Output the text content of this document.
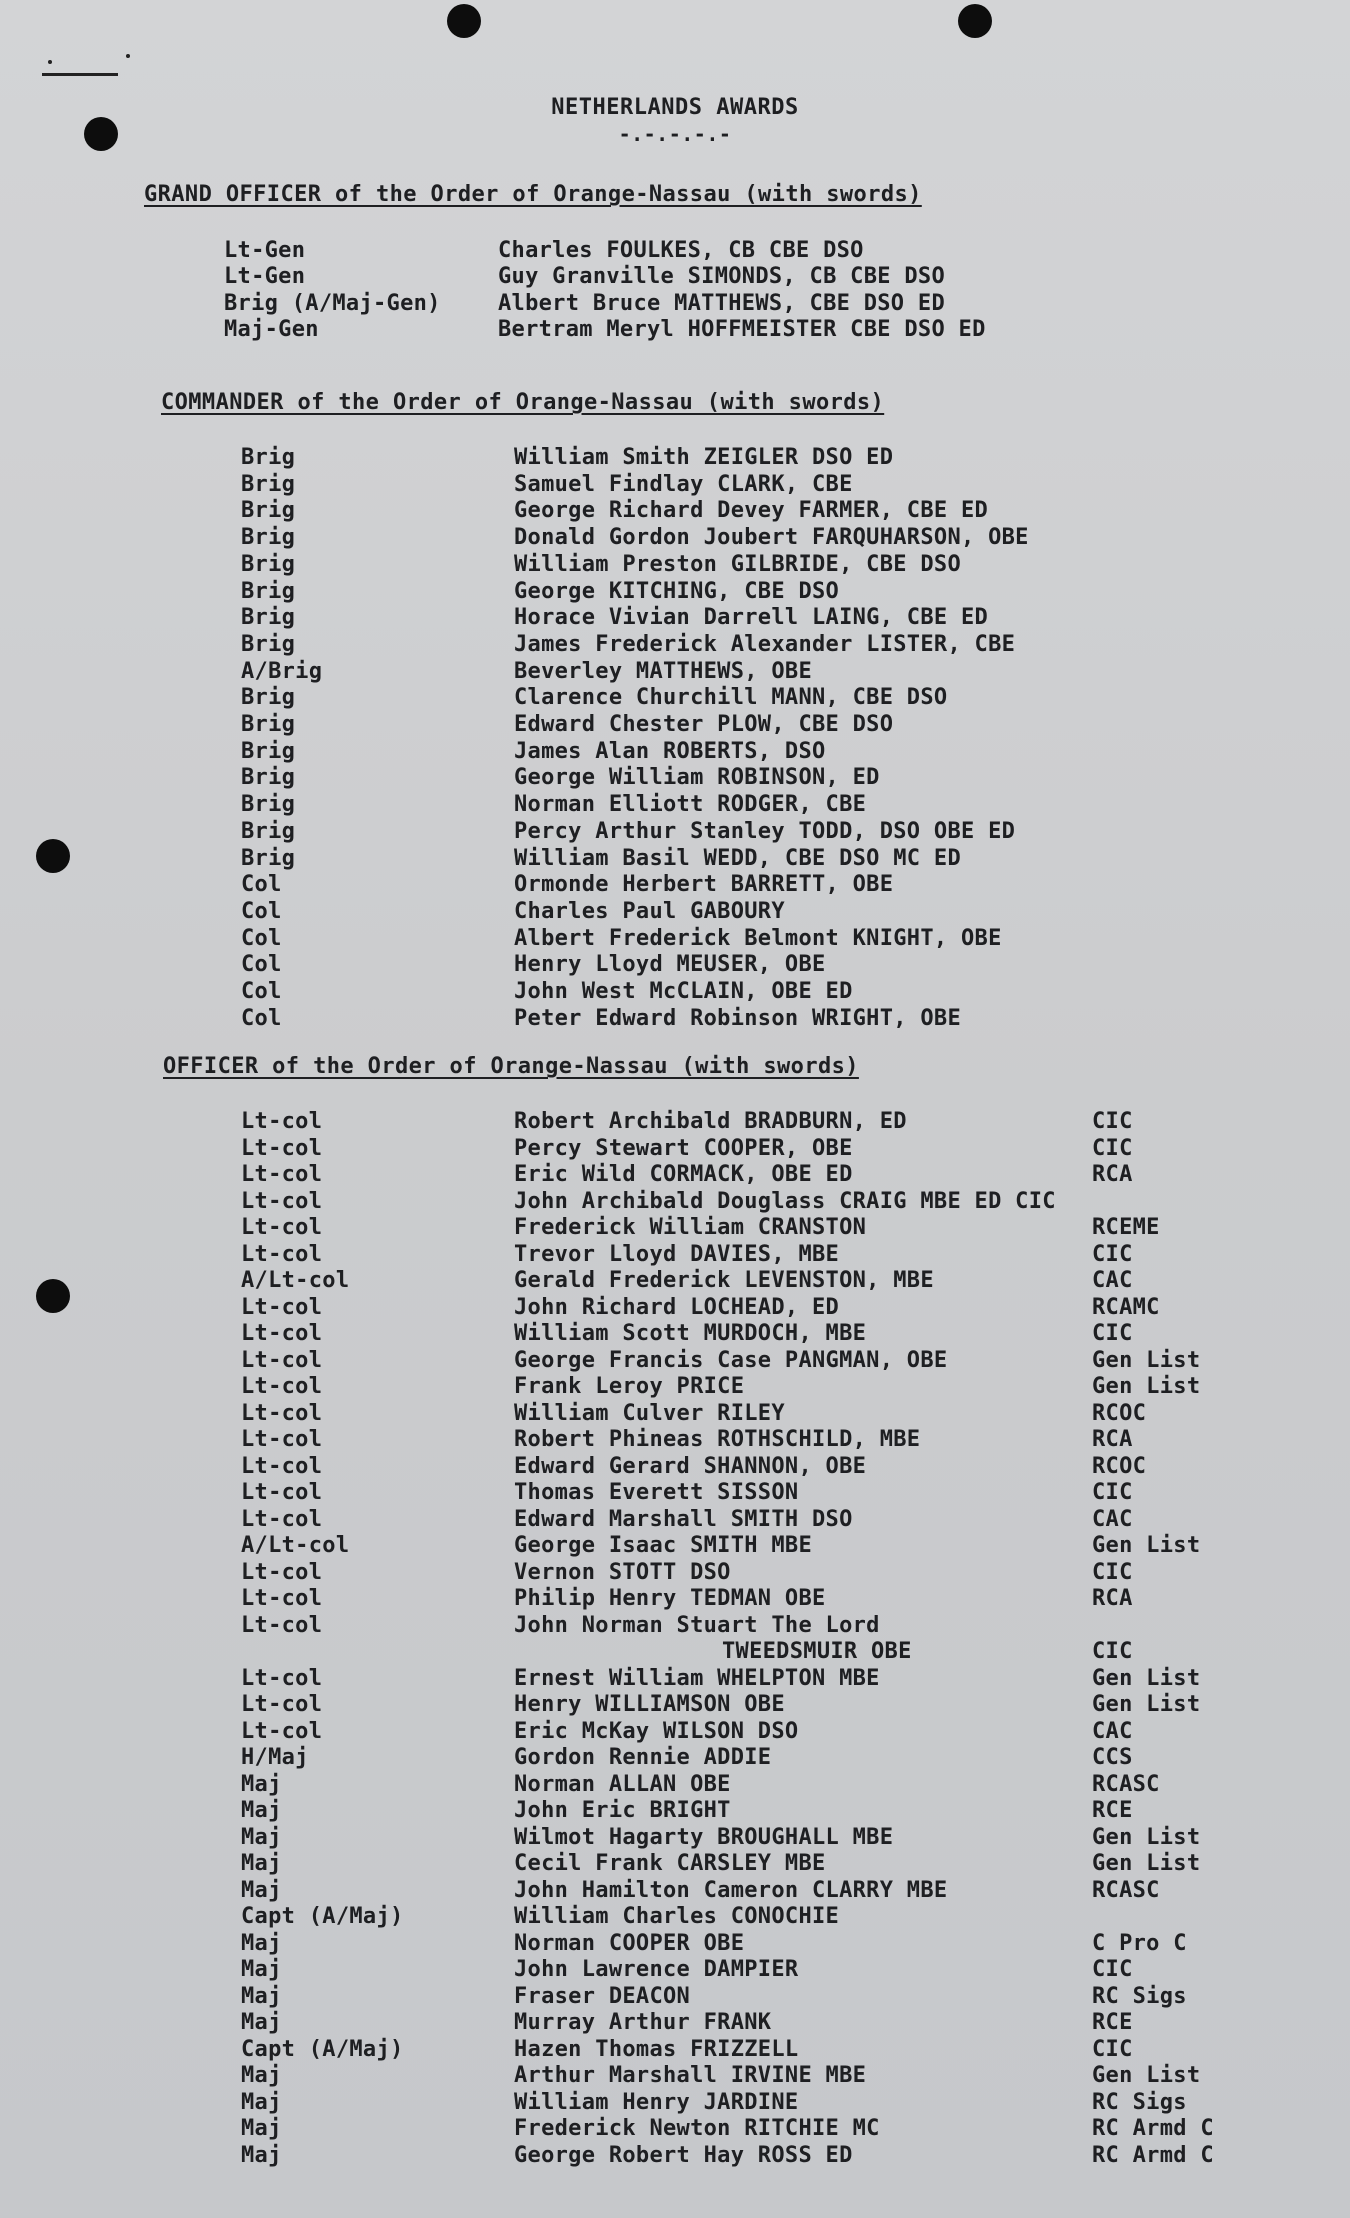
NETHERLANDS AWARDS
-.-.-.-.-
GRAND OFFICER of the Order of Orange-Nassau (with swords)
Lt-Gen	Charles FOULKES, CB CBE DSO
Lt-Gen	Guy Granville SIMONDS, CB CBE DSO
Brig (A/Maj-Gen)	Albert Bruce MATTHEWS, CBE DSO ED
Maj-Gen	Bertram Meryl HOFFMEISTER CBE DSO ED
COMMANDER of the Order of Orange-Nassau (with swords)
Brig	William Smith ZEIGLER DSO ED
Brig	Samuel Findlay CLARK, CBE
Brig	George Richard Devey FARMER, CBE ED
Brig	Donald Gordon Joubert FARQUHARSON, OBE
Brig	William Preston GILBRIDE, CBE DSO
Brig	George KITCHING, CBE DSO
Brig	Horace Vivian Darrell LAING, CBE ED
Brig	James Frederick Alexander LISTER, CBE
A/Brig	Beverley MATTHEWS, OBE
Brig	Clarence Churchill MANN, CBE DSO
Brig	Edward Chester PLOW, CBE DSO
Brig	James Alan ROBERTS, DSO
Brig	George William ROBINSON, ED
Brig	Norman Elliott RODGER, CBE
Brig	Percy Arthur Stanley TODD, DSO OBE ED
Brig	William Basil WEDD, CBE DSO MC ED
Col	Ormonde Herbert BARRETT, OBE
Col	Charles Paul GABOURY
Col	Albert Frederick Belmont KNIGHT, OBE
Col	Henry Lloyd MEUSER, OBE
Col	John West McCLAIN, OBE ED
Col	Peter Edward Robinson WRIGHT, OBE
OFFICER of the Order of Orange-Nassau (with swords)
Lt-col	Robert Archibald BRADBURN, ED	CIC
Lt-col	Percy Stewart COOPER, OBE	CIC
Lt-col	Eric Wild CORMACK, OBE ED	RCA
Lt-col	John Archibald Douglass CRAIG MBE ED CIC
Lt-col	Frederick William CRANSTON	RCEME
Lt-col	Trevor Lloyd DAVIES, MBE	CIC
A/Lt-col	Gerald Frederick LEVENSTON, MBE	CAC
Lt-col	John Richard LOCHEAD, ED	RCAMC
Lt-col	William Scott MURDOCH, MBE	CIC
Lt-col	George Francis Case PANGMAN, OBE	Gen List
Lt-col	Frank Leroy PRICE	Gen List
Lt-col	William Culver RILEY	RCOC
Lt-col	Robert Phineas ROTHSCHILD, MBE	RCA
Lt-col	Edward Gerard SHANNON, OBE	RCOC
Lt-col	Thomas Everett SISSON	CIC
Lt-col	Edward Marshall SMITH DSO	CAC
A/Lt-col	George Isaac SMITH MBE	Gen List
Lt-col	Vernon STOTT DSO	CIC
Lt-col	Philip Henry TEDMAN OBE	RCA
Lt-col	John Norman Stuart The Lord
TWEEDSMUIR OBE	CIC
Lt-col	Ernest William WHELPTON MBE	Gen List
Lt-col	Henry WILLIAMSON OBE	Gen List
Lt-col	Eric McKay WILSON DSO	CAC
H/Maj	Gordon Rennie ADDIE	CCS
Maj	Norman ALLAN OBE	RCASC
Maj	John Eric BRIGHT	RCE
Maj	Wilmot Hagarty BROUGHALL MBE	Gen List
Maj	Cecil Frank CARSLEY MBE	Gen List
Maj	John Hamilton Cameron CLARRY MBE	RCASC
Capt (A/Maj)	William Charles CONOCHIE
Maj	Norman COOPER OBE	C Pro C
Maj	John Lawrence DAMPIER	CIC
Maj	Fraser DEACON	RC Sigs
Maj	Murray Arthur FRANK	RCE
Capt (A/Maj)	Hazen Thomas FRIZZELL	CIC
Maj	Arthur Marshall IRVINE MBE	Gen List
Maj	William Henry JARDINE	RC Sigs
Maj	Frederick Newton RITCHIE MC	RC Armd C
Maj	George Robert Hay ROSS ED	RC Armd C
